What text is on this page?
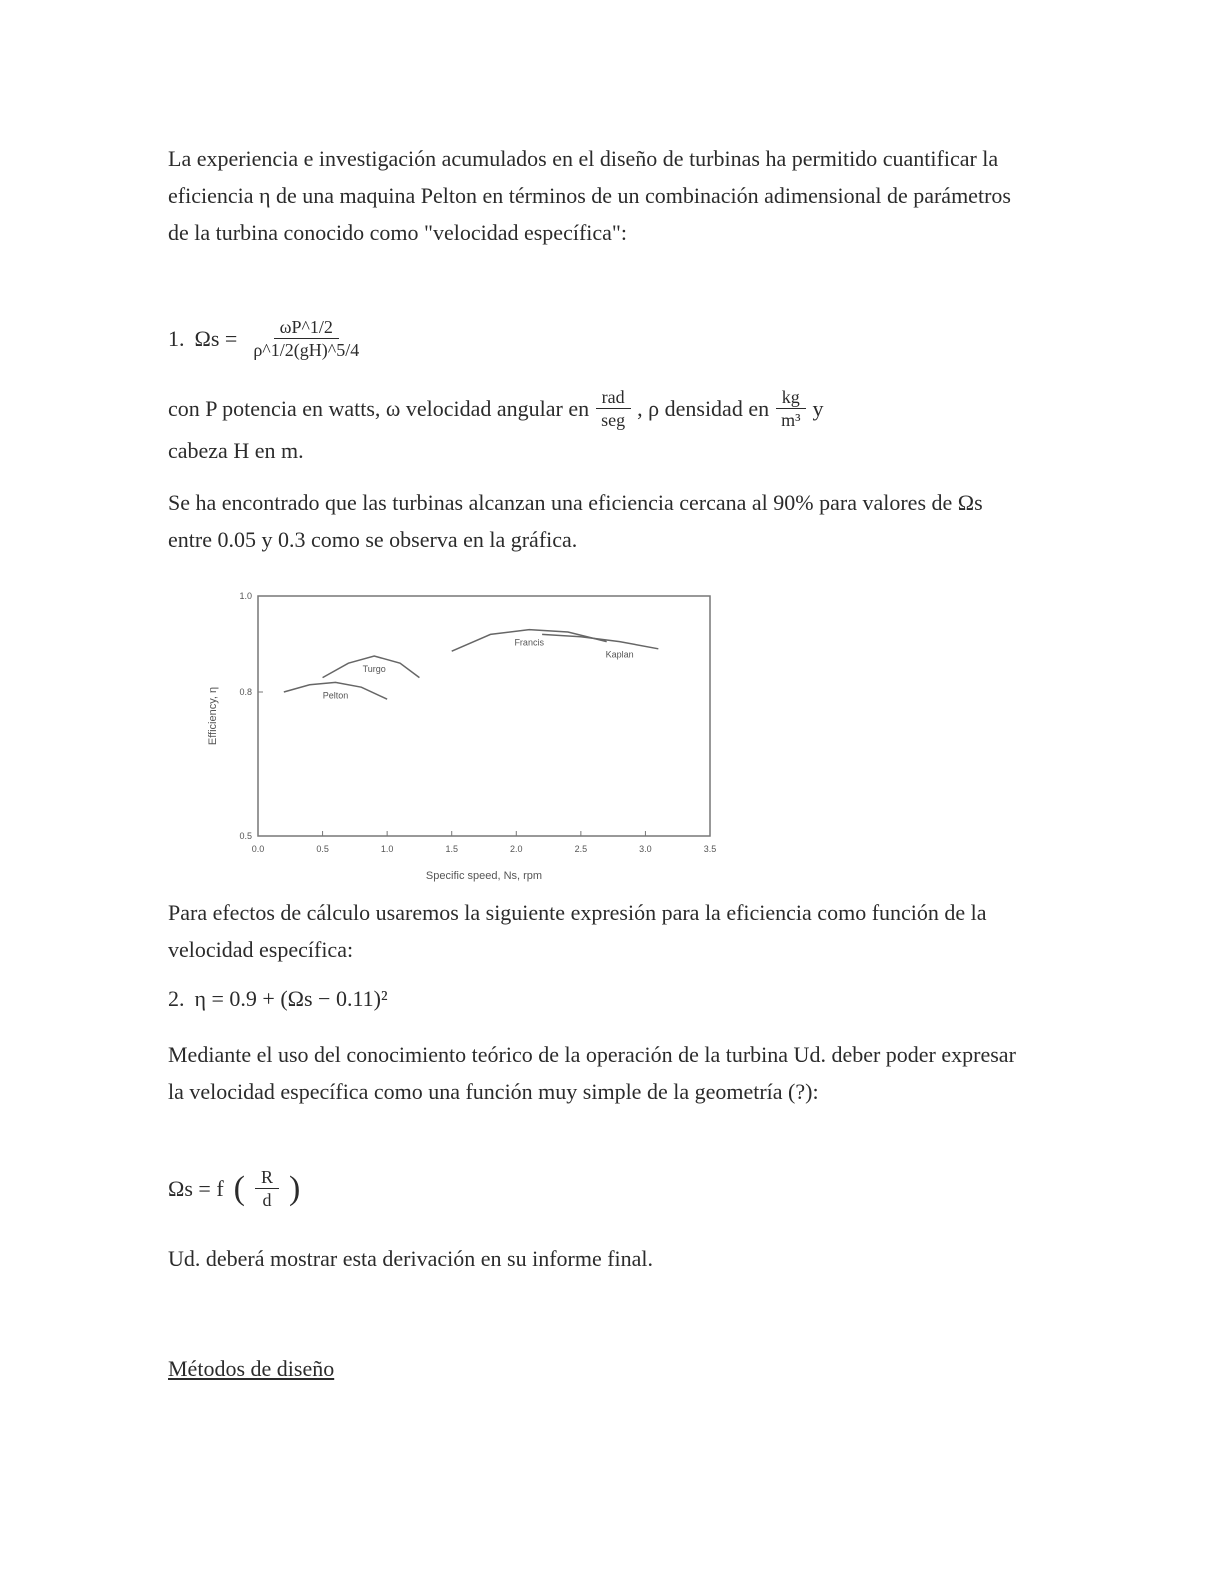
La experiencia e investigación acumulados en el diseño de turbinas ha permitido cuantificar la eficiencia η de una maquina Pelton en términos de un combinación adimensional de parámetros de la turbina conocido como "velocidad específica":

1. $\Omega s = \frac{\omega P\^{}1/2}{\rho\^{}1/2(gH)\^{}5/4}$
con P potencia en watts, ω velocidad angular en $\frac{\text{rad}}{\text{seg}}$ , ρ densidad en $\frac{kg}{\text{m³}}$ y

cabeza H en m.

Se ha encontrado que las turbinas alcanzan una eficiencia cercana al 90% para valores de Ωs entre 0.05 y 0.3 como se observa en la gráfica.

0.0	0.5	1.0	1.5	2.0	2.5	3.0	3.5
0.5
0.8
1.0
Pelton
Turgo
Francis
Kaplan
Specific speed, Ns, rpm
Efficiency, η

Para efectos de cálculo usaremos la siguiente expresión para la eficiencia como función de la velocidad específica:

2. η = 0.9 + (Ωs − 0.11)²

Mediante el uso del conocimiento teórico de la operación de la turbina Ud. deber poder expresar la velocidad específica como una función muy simple de la geometría (?):

Ωs = f ( $\frac{R}{d}$ )

Ud. deberá mostrar esta derivación en su informe final.

Métodos de diseño
